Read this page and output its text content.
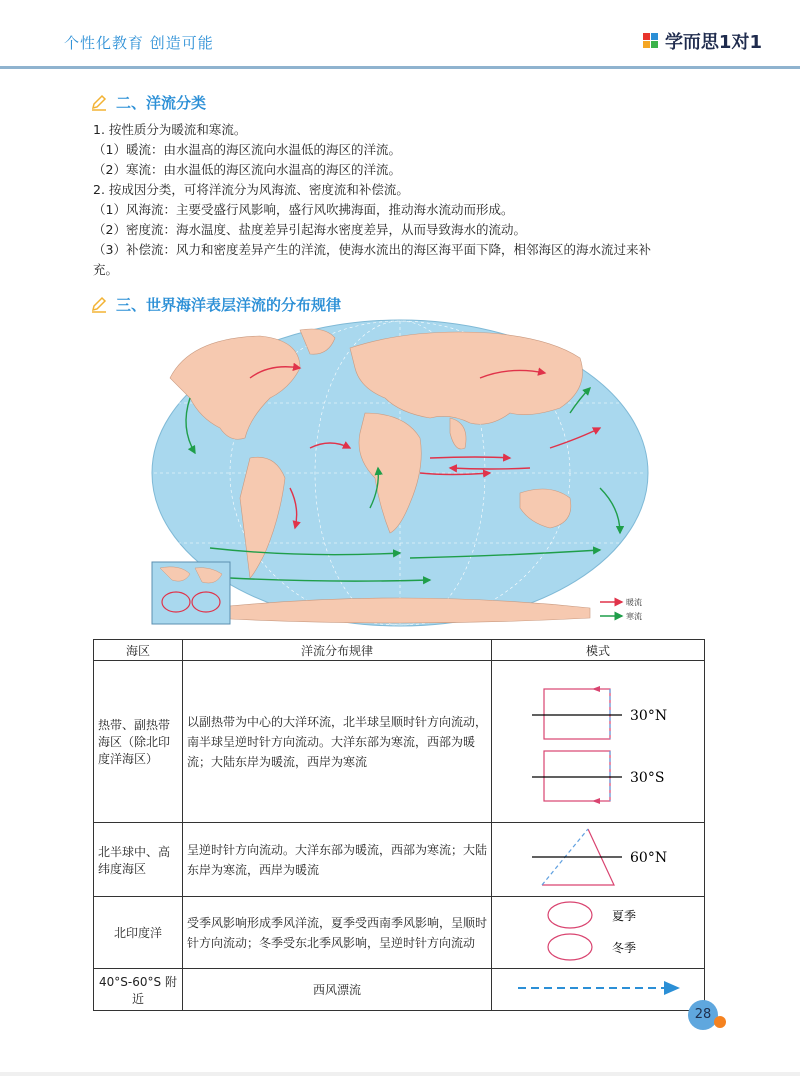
个性化教育 创造可能	学而思1对1
二、洋流分类
1. 按性质分为暖流和寒流。
（1）暖流：由水温高的海区流向水温低的海区的洋流。
（2）寒流：由水温低的海区流向水温高的海区的洋流。
2. 按成因分类，可将洋流分为风海流、密度流和补偿流。
（1）风海流：主要受盛行风影响，盛行风吹拂海面，推动海水流动而形成。
（2）密度流：海水温度、盐度差异引起海水密度差异，从而导致海水的流动。
（3）补偿流：风力和密度差异产生的洋流，使海水流出的海区海平面下降，相邻海区的海水流过来补
充。
三、世界海洋表层洋流的分布规律
暖流
寒流
海区	洋流分布规律	模式
热带、副热带海区（除北印度洋海区）	以副热带为中心的大洋环流，北半球呈顺时针方向流动，南半球呈逆时针方向流动。大洋东部为寒流，西部为暖流；大陆东岸为暖流，西岸为寒流	30°N
30°S

北半球中、高纬度海区	呈逆时针方向流动。大洋东部为暖流，西部为寒流；大陆东岸为寒流，西岸为暖流	60°N

北印度洋	受季风影响形成季风洋流，夏季受西南季风影响，呈顺时针方向流动；冬季受东北季风影响，呈逆时针方向流动	夏季
冬季

40°S-60°S 附近	西风漂流	
28
